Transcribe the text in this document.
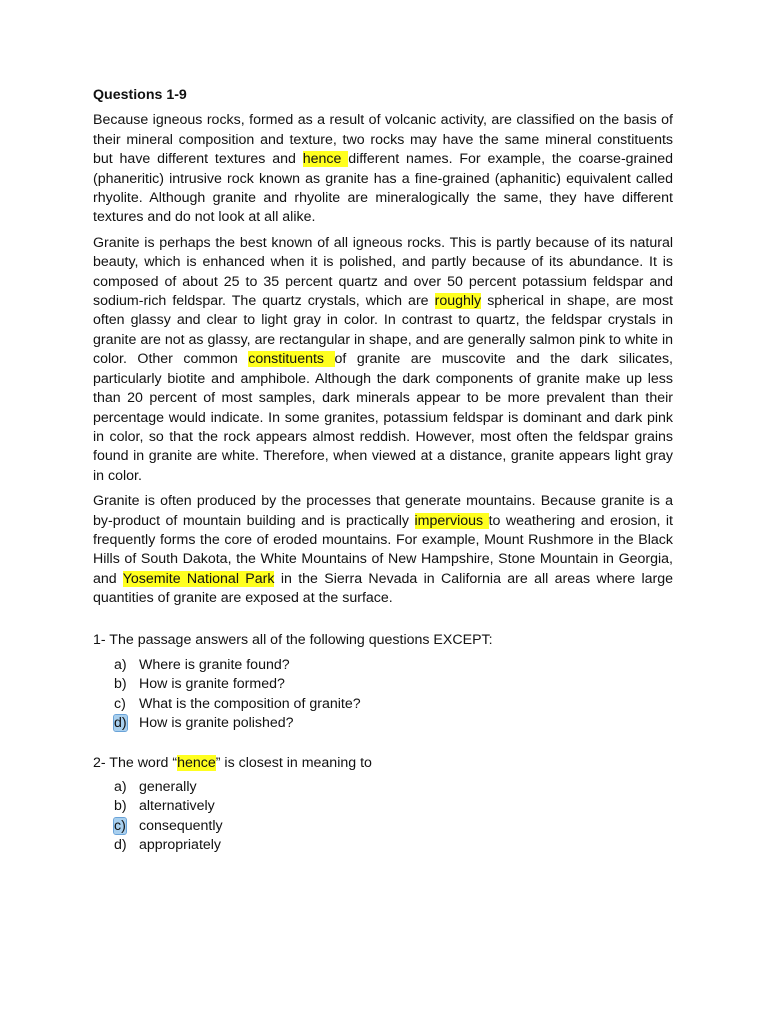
Questions 1-9

Because igneous rocks, formed as a result of volcanic activity, are classified on the basis of their mineral composition and texture, two rocks may have the same mineral constituents but have different textures and hence different names. For example, the coarse-grained (phaneritic) intrusive rock known as granite has a fine-grained (aphanitic) equivalent called rhyolite. Although granite and rhyolite are mineralogically the same, they have different textures and do not look at all alike.

Granite is perhaps the best known of all igneous rocks. This is partly because of its natural beauty, which is enhanced when it is polished, and partly because of its abundance. It is composed of about 25 to 35 percent quartz and over 50 percent potassium feldspar and sodium-rich feldspar. The quartz crystals, which are roughly spherical in shape, are most often glassy and clear to light gray in color. In contrast to quartz, the feldspar crystals in granite are not as glassy, are rectangular in shape, and are generally salmon pink to white in color. Other common constituents of granite are muscovite and the dark silicates, particularly biotite and amphibole. Although the dark components of granite make up less than 20 percent of most samples, dark minerals appear to be more prevalent than their percentage would indicate. In some granites, potassium feldspar is dominant and dark pink in color, so that the rock appears almost reddish. However, most often the feldspar grains found in granite are white. Therefore, when viewed at a distance, granite appears light gray in color.

Granite is often produced by the processes that generate mountains. Because granite is a by-product of mountain building and is practically impervious to weathering and erosion, it frequently forms the core of eroded mountains. For example, Mount Rushmore in the Black Hills of South Dakota, the White Mountains of New Hampshire, Stone Mountain in Georgia, and Yosemite National Park in the Sierra Nevada in California are all areas where large quantities of granite are exposed at the surface.

1- The passage answers all of the following questions EXCEPT:

a) Where is granite found?
b) How is granite formed?
c) What is the composition of granite?
d) How is granite polished?

2- The word “hence” is closest in meaning to

a) generally
b) alternatively
c) consequently
d) appropriately
